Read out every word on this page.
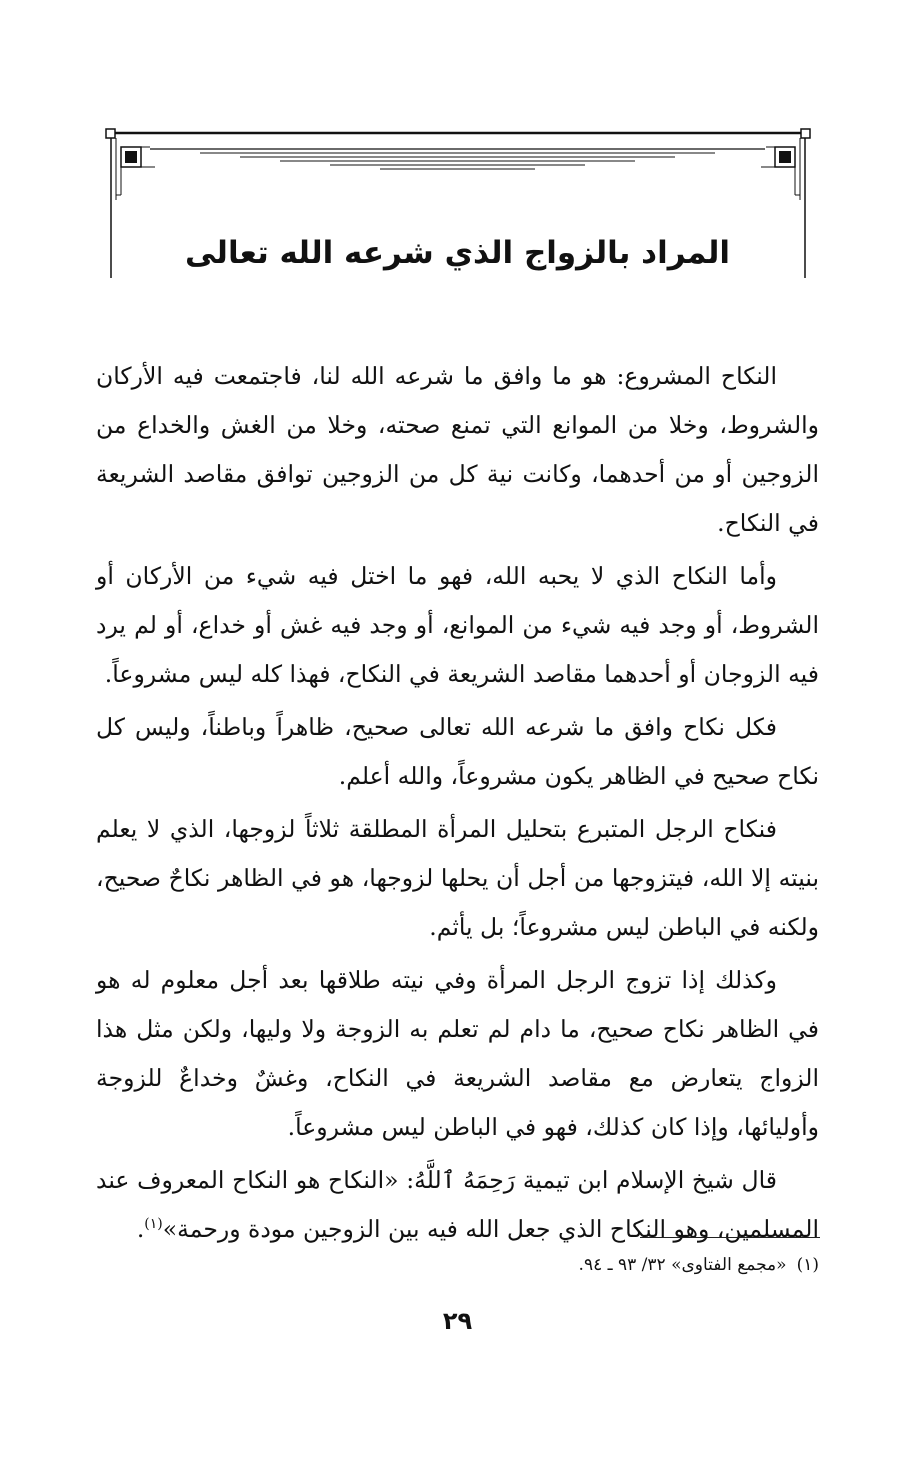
المراد بالزواج الذي شرعه الله تعالى

النكاح المشروع: هو ما وافق ما شرعه الله لنا، فاجتمعت فيه الأركان والشروط، وخلا من الموانع التي تمنع صحته، وخلا من الغش والخداع من الزوجين أو من أحدهما، وكانت نية كل من الزوجين توافق مقاصد الشريعة في النكاح.

وأما النكاح الذي لا يحبه الله، فهو ما اختل فيه شيء من الأركان أو الشروط، أو وجد فيه شيء من الموانع، أو وجد فيه غش أو خداع، أو لم يرد فيه الزوجان أو أحدهما مقاصد الشريعة في النكاح، فهذا كله ليس مشروعاً.

فكل نكاح وافق ما شرعه الله تعالى صحيح، ظاهراً وباطناً، وليس كل نكاح صحيح في الظاهر يكون مشروعاً، والله أعلم.

فنكاح الرجل المتبرع بتحليل المرأة المطلقة ثلاثاً لزوجها، الذي لا يعلم بنيته إلا الله، فيتزوجها من أجل أن يحلها لزوجها، هو في الظاهر نكاحٌ صحيح، ولكنه في الباطن ليس مشروعاً؛ بل يأثم.

وكذلك إذا تزوج الرجل المرأة وفي نيته طلاقها بعد أجل معلوم له هو في الظاهر نكاح صحيح، ما دام لم تعلم به الزوجة ولا وليها، ولكن مثل هذا الزواج يتعارض مع مقاصد الشريعة في النكاح، وغشٌ وخداعٌ للزوجة وأوليائها، وإذا كان كذلك، فهو في الباطن ليس مشروعاً.

قال شيخ الإسلام ابن تيمية رَحِمَهُ ٱللَّهُ: «النكاح هو النكاح المعروف عند المسلمين، وهو النكاح الذي جعل الله فيه بين الزوجين مودة ورحمة»$^{(١)}$.

(١)«مجمع الفتاوى» ٣٢/ ٩٣ ـ ٩٤.
٢٩
